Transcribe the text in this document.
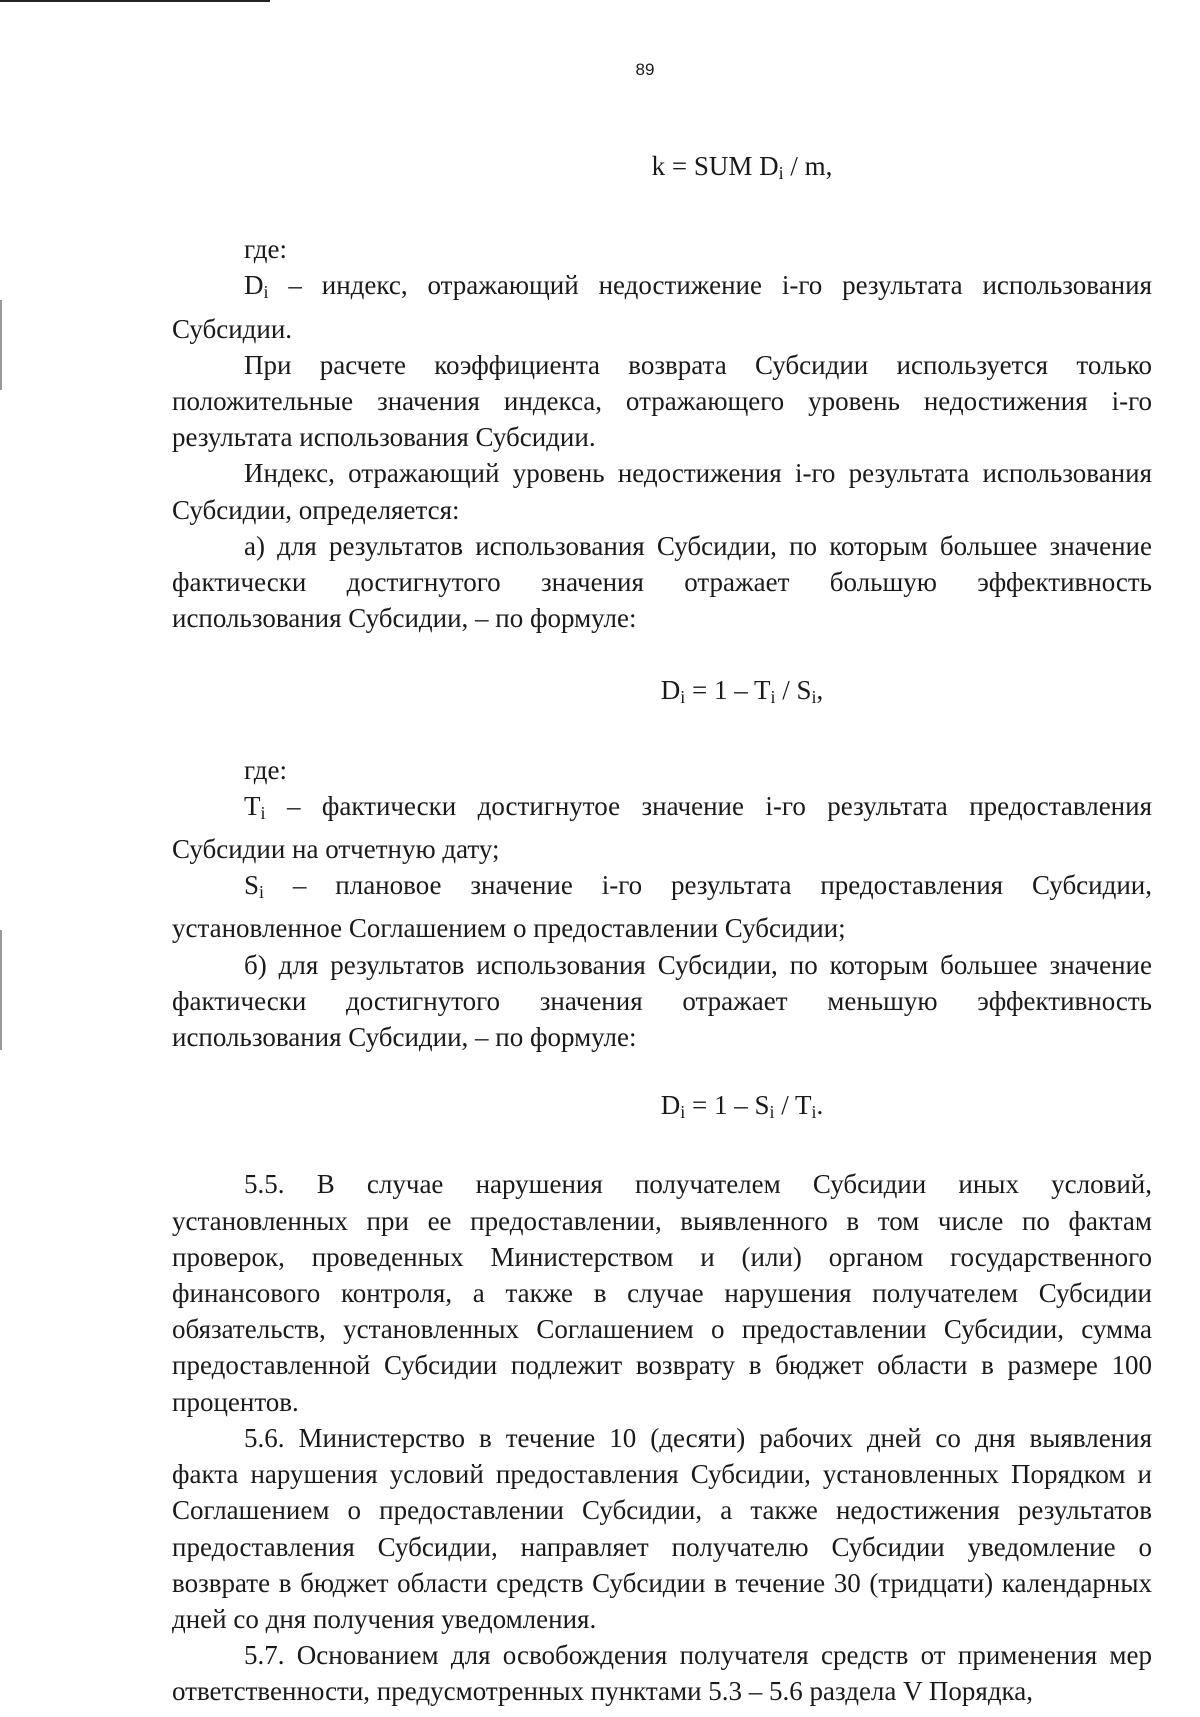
89
k = SUM $D_i$ / m,

где:

$D_i$ – индекс, отражающий недостижение i-го результата использования Субсидии.

При расчете коэффициента возврата Субсидии используется только положительные значения индекса, отражающего уровень недостижения i-го результата использования Субсидии.

Индекс, отражающий уровень недостижения i-го результата использования Субсидии, определяется:

а) для результатов использования Субсидии, по которым большее значение фактически достигнутого значения отражает большую эффективность использования Субсидии, – по формуле:

$D_i = 1 - T_i / S_i$,

где:

$T_i$ – фактически достигнутое значение i-го результата предоставления Субсидии на отчетную дату;

$S_i$ – плановое значение i-го результата предоставления Субсидии, установленное Соглашением о предоставлении Субсидии;

б) для результатов использования Субсидии, по которым большее значение фактически достигнутого значения отражает меньшую эффективность использования Субсидии, – по формуле:

$D_i = 1 - S_i / T_i$.

5.5. В случае нарушения получателем Субсидии иных условий, установленных при ее предоставлении, выявленного в том числе по фактам проверок, проведенных Министерством и (или) органом государственного финансового контроля, а также в случае нарушения получателем Субсидии обязательств, установленных Соглашением о предоставлении Субсидии, сумма предоставленной Субсидии подлежит возврату в бюджет области в размере 100 процентов.

5.6. Министерство в течение 10 (десяти) рабочих дней со дня выявления факта нарушения условий предоставления Субсидии, установленных Порядком и Соглашением о предоставлении Субсидии, а также недостижения результатов предоставления Субсидии, направляет получателю Субсидии уведомление о возврате в бюджет области средств Субсидии в течение 30 (тридцати) календарных дней со дня получения уведомления.

5.7. Основанием для освобождения получателя средств от применения мер ответственности, предусмотренных пунктами 5.3 – 5.6 раздела V Порядка,
